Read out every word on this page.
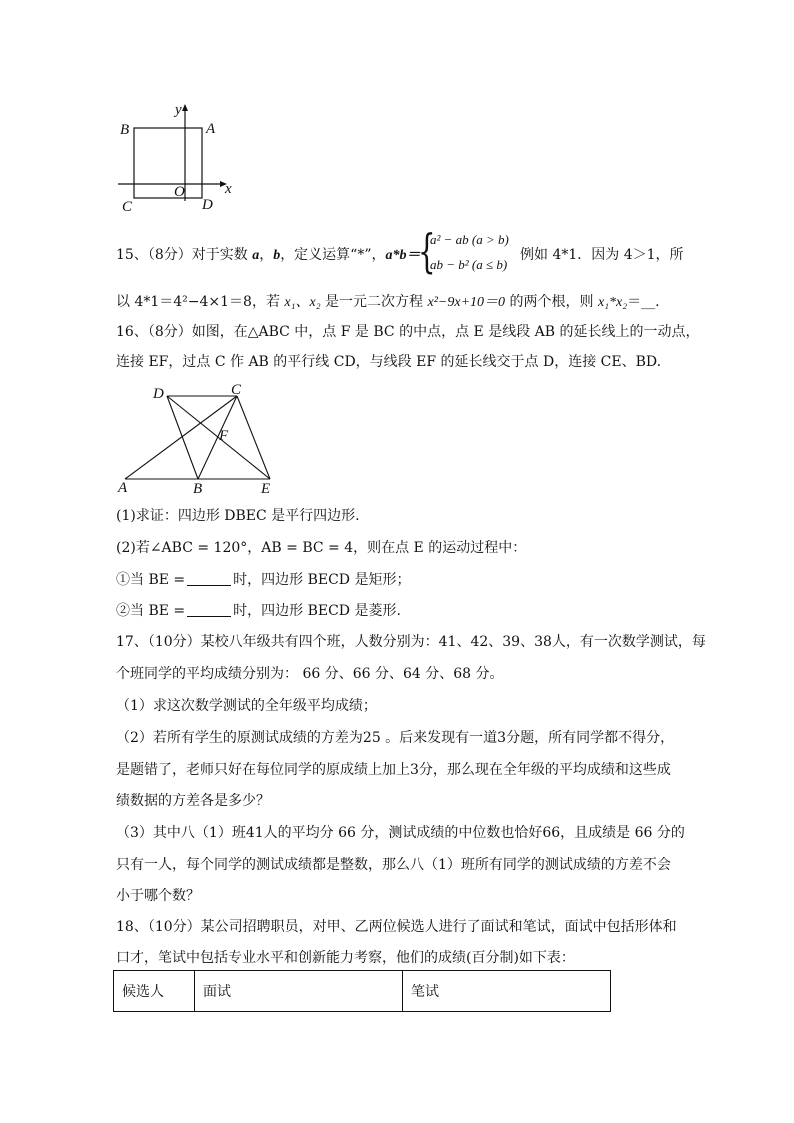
y
B	A
O	x
C	D
15、（8分）对于实数 a，b，定义运算“*”，a*b＝
{
a² − ab (a > b)
ab − b² (a ≤ b)
例如 4*1．因为 4＞1，所
以 4*1＝4²−4×1＝8，若 x₁、x₂ 是一元二次方程 x²−9x+10＝0 的两个根，则 x₁*x₂＝__.
16、（8分）如图，在△ABC 中，点 F 是 BC 的中点，点 E 是线段 AB 的延长线上的一动点，
连接 EF，过点 C 作 AB 的平行线 CD，与线段 EF 的延长线交于点 D，连接 CE、BD.
D	C
F
A	B	E
(1)求证：四边形 DBEC 是平行四边形.
(2)若∠ABC = 120°，AB = BC = 4，则在点 E 的运动过程中：
①当 BE =	时，四边形 BECD 是矩形；
②当 BE =	时，四边形 BECD 是菱形.
17、（10分）某校八年级共有四个班，人数分别为：41、42、39、38人，有一次数学测试，每
个班同学的平均成绩分别为： 66 分、66 分、64 分、68 分。
（1）求这次数学测试的全年级平均成绩；
（2）若所有学生的原测试成绩的方差为25 。后来发现有一道3分题，所有同学都不得分，
是题错了，老师只好在每位同学的原成绩上加上3分，那么现在全年级的平均成绩和这些成
绩数据的方差各是多少？
（3）其中八（1）班41人的平均分 66 分，测试成绩的中位数也恰好66，且成绩是 66 分的
只有一人，每个同学的测试成绩都是整数，那么八（1）班所有同学的测试成绩的方差不会
小于哪个数？
18、（10分）某公司招聘职员，对甲、乙两位候选人进行了面试和笔试，面试中包括形体和
口才，笔试中包括专业水平和创新能力考察，他们的成绩(百分制)如下表：
候选人	面试	笔试
